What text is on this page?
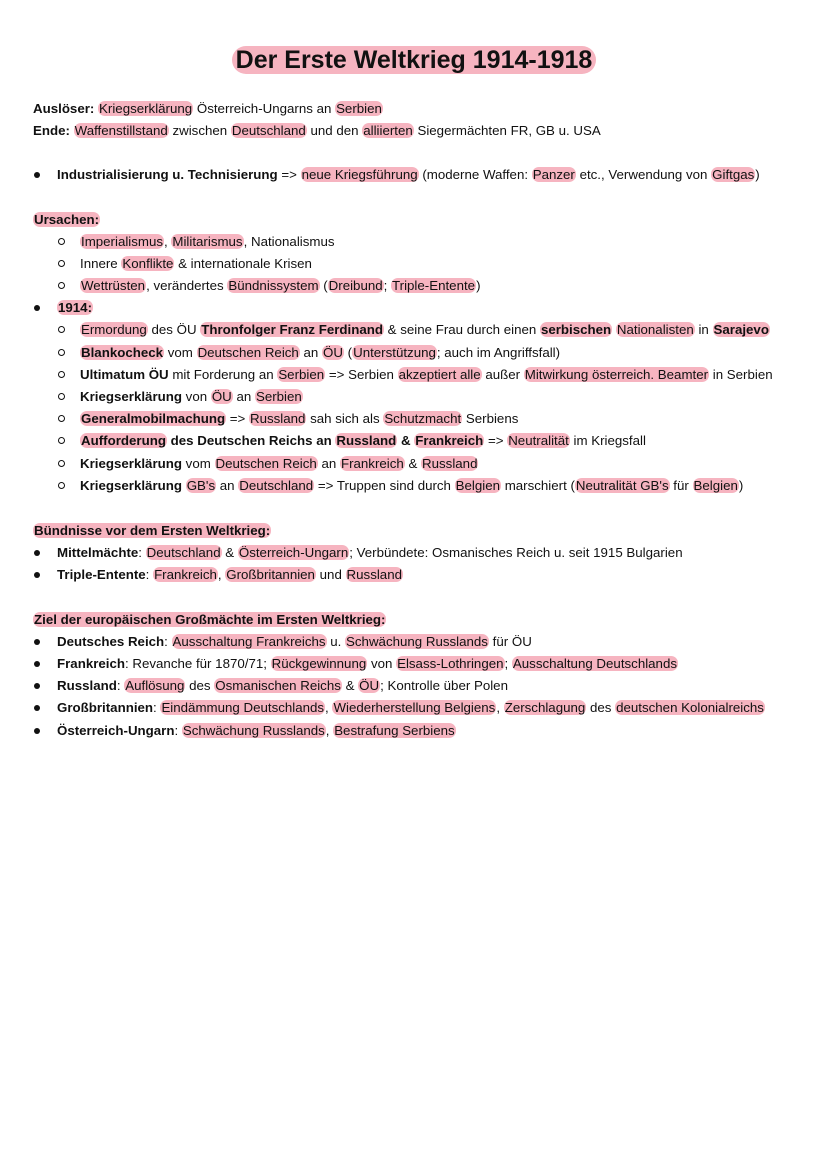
Der Erste Weltkrieg 1914-1918
Auslöser: Kriegserklärung Österreich-Ungarns an Serbien
Ende: Waffenstillstand zwischen Deutschland und den alliierten Siegermächten FR, GB u. USA
Industrialisierung u. Technisierung => neue Kriegsführung (moderne Waffen: Panzer etc., Verwendung von Giftgas)
Ursachen:
Imperialismus, Militarismus, Nationalismus
Innere Konflikte & internationale Krisen
Wettrüsten, verändertes Bündnissystem (Dreibund; Triple-Entente)
1914:
Ermordung des ÖU Thronfolger Franz Ferdinand & seine Frau durch einen serbischen Nationalisten in Sarajevo
Blankocheck vom Deutschen Reich an ÖU (Unterstützung; auch im Angriffsfall)
Ultimatum ÖU mit Forderung an Serbien => Serbien akzeptiert alle außer Mitwirkung österreich. Beamter in Serbien
Kriegserklärung von ÖU an Serbien
Generalmobilmachung => Russland sah sich als Schutzmacht Serbiens
Aufforderung des Deutschen Reichs an Russland & Frankreich => Neutralität im Kriegsfall
Kriegserklärung vom Deutschen Reich an Frankreich & Russland
Kriegserklärung GB's an Deutschland => Truppen sind durch Belgien marschiert (Neutralität GB's für Belgien)
Bündnisse vor dem Ersten Weltkrieg:
Mittelmächte: Deutschland & Österreich-Ungarn; Verbündete: Osmanisches Reich u. seit 1915 Bulgarien
Triple-Entente: Frankreich, Großbritannien und Russland
Ziel der europäischen Großmächte im Ersten Weltkrieg:
Deutsches Reich: Ausschaltung Frankreichs u. Schwächung Russlands für ÖU
Frankreich: Revanche für 1870/71; Rückgewinnung von Elsass-Lothringen; Ausschaltung Deutschlands
Russland: Auflösung des Osmanischen Reichs & ÖU; Kontrolle über Polen
Großbritannien: Eindämmung Deutschlands, Wiederherstellung Belgiens, Zerschlagung des deutschen Kolonialreichs
Österreich-Ungarn: Schwächung Russlands, Bestrafung Serbiens
